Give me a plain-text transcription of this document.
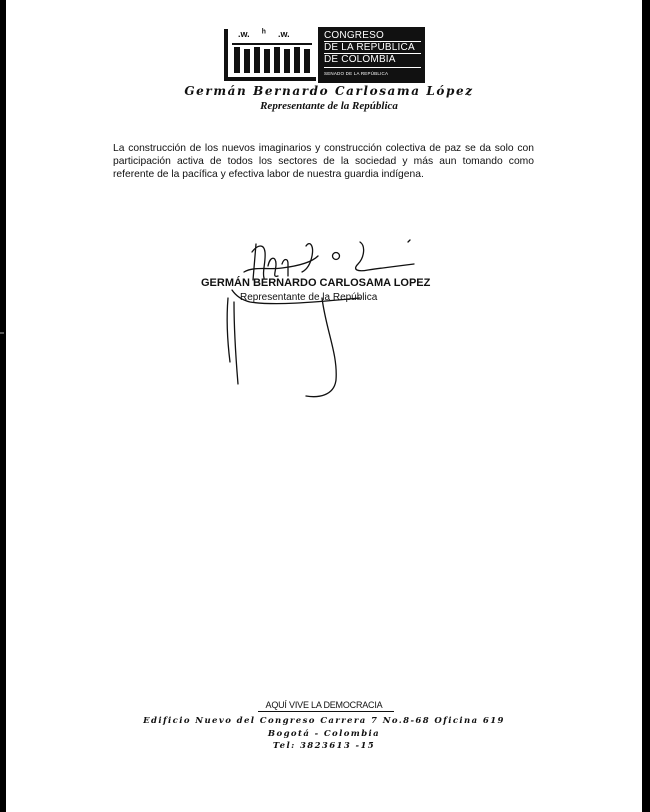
.w. ʰ .w.	CONGRESO
DE LA REPÚBLICA
DE COLOMBIA
SENADO DE LA REPÚBLICA
Germán Bernardo Carlosama López
Representante de la República
La construcción de los nuevos imaginarios y construcción colectiva de paz se da solo con participación activa de todos los sectores de la sociedad y más aun tomando como referente de la pacífica y efectiva labor de nuestra guardia indígena.
GERMÁN BERNARDO CARLOSAMA LOPEZ
Representante de la República
AQUÍ VIVE LA DEMOCRACIA
Edificio Nuevo del Congreso Carrera 7 No.8-68 Oficina 619
Bogotá - Colombia
Tel: 3823613 -15
